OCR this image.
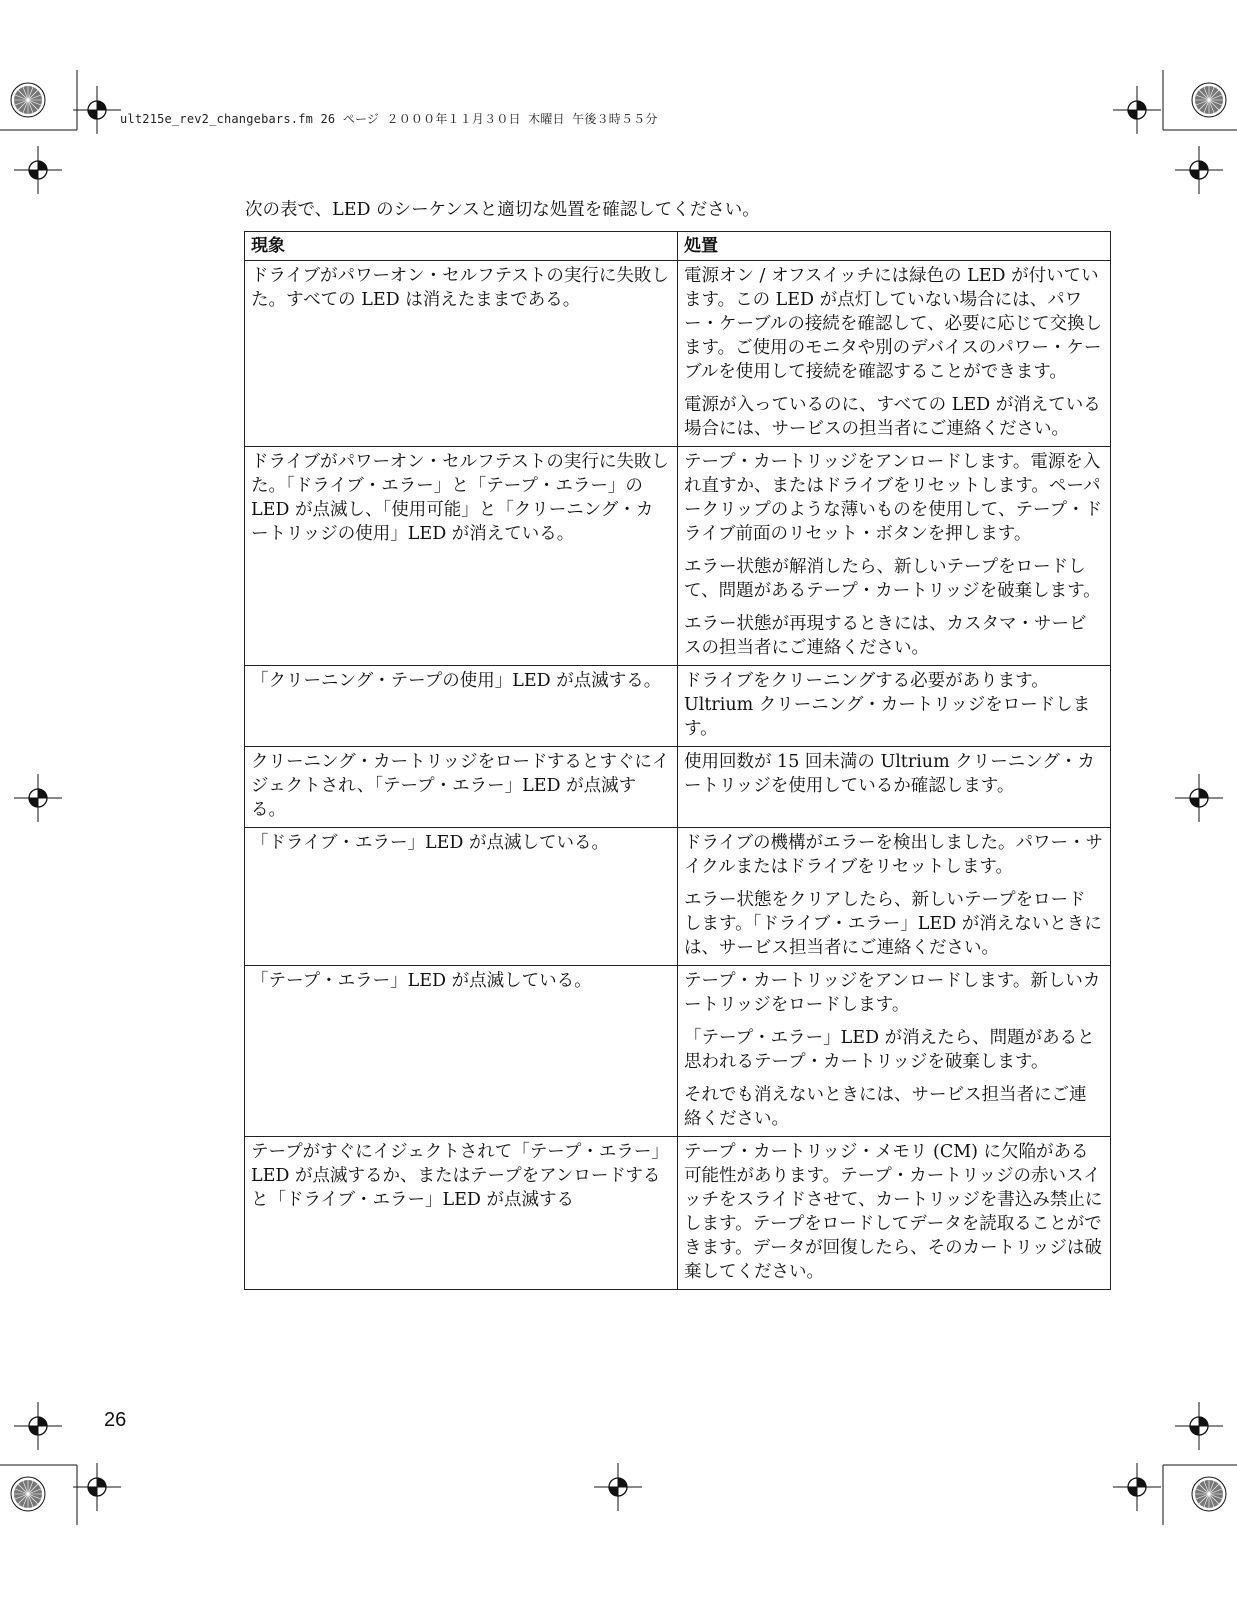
ult215e_rev2_changebars.fm 26 ページ ２０００年１１月３０日 木曜日 午後３時５５分
次の表で、LED のシーケンスと適切な処置を確認してください。
現象	処置
ドライブがパワーオン・セルフテストの実行に失敗した。すべての LED は消えたままである。	電源オン / オフスイッチには緑色の LED が付いています。この LED が点灯していない場合には、パワー・ケーブルの接続を確認して、必要に応じて交換します。ご使用のモニタや別のデバイスのパワー・ケーブルを使用して接続を確認することができます。

電源が入っているのに、すべての LED が消えている場合には、サービスの担当者にご連絡ください。

ドライブがパワーオン・セルフテストの実行に失敗した。「ドライブ・エラー」と「テープ・エラー」の LED が点滅し、「使用可能」と「クリーニング・カートリッジの使用」LED が消えている。	テープ・カートリッジをアンロードします。電源を入れ直すか、またはドライブをリセットします。ペーパークリップのような薄いものを使用して、テープ・ドライブ前面のリセット・ボタンを押します。

エラー状態が解消したら、新しいテープをロードして、問題があるテープ・カートリッジを破棄します。

エラー状態が再現するときには、カスタマ・サービスの担当者にご連絡ください。

「クリーニング・テープの使用」LED が点滅する。	ドライブをクリーニングする必要があります。Ultrium クリーニング・カートリッジをロードします。

クリーニング・カートリッジをロードするとすぐにイジェクトされ、「テープ・エラー」LED が点滅する。	使用回数が 15 回未満の Ultrium クリーニング・カートリッジを使用しているか確認します。

「ドライブ・エラー」LED が点滅している。	ドライブの機構がエラーを検出しました。パワー・サイクルまたはドライブをリセットします。

エラー状態をクリアしたら、新しいテープをロードします。「ドライブ・エラー」LED が消えないときには、サービス担当者にご連絡ください。

「テープ・エラー」LED が点滅している。	テープ・カートリッジをアンロードします。新しいカートリッジをロードします。

「テープ・エラー」LED が消えたら、問題があると思われるテープ・カートリッジを破棄します。

それでも消えないときには、サービス担当者にご連絡ください。

テープがすぐにイジェクトされて「テープ・エラー」LED が点滅するか、またはテープをアンロードすると「ドライブ・エラー」LED が点滅する	テープ・カートリッジ・メモリ (CM) に欠陥がある可能性があります。テープ・カートリッジの赤いスイッチをスライドさせて、カートリッジを書込み禁止にします。テープをロードしてデータを読取ることができます。データが回復したら、そのカートリッジは破棄してください。

26
